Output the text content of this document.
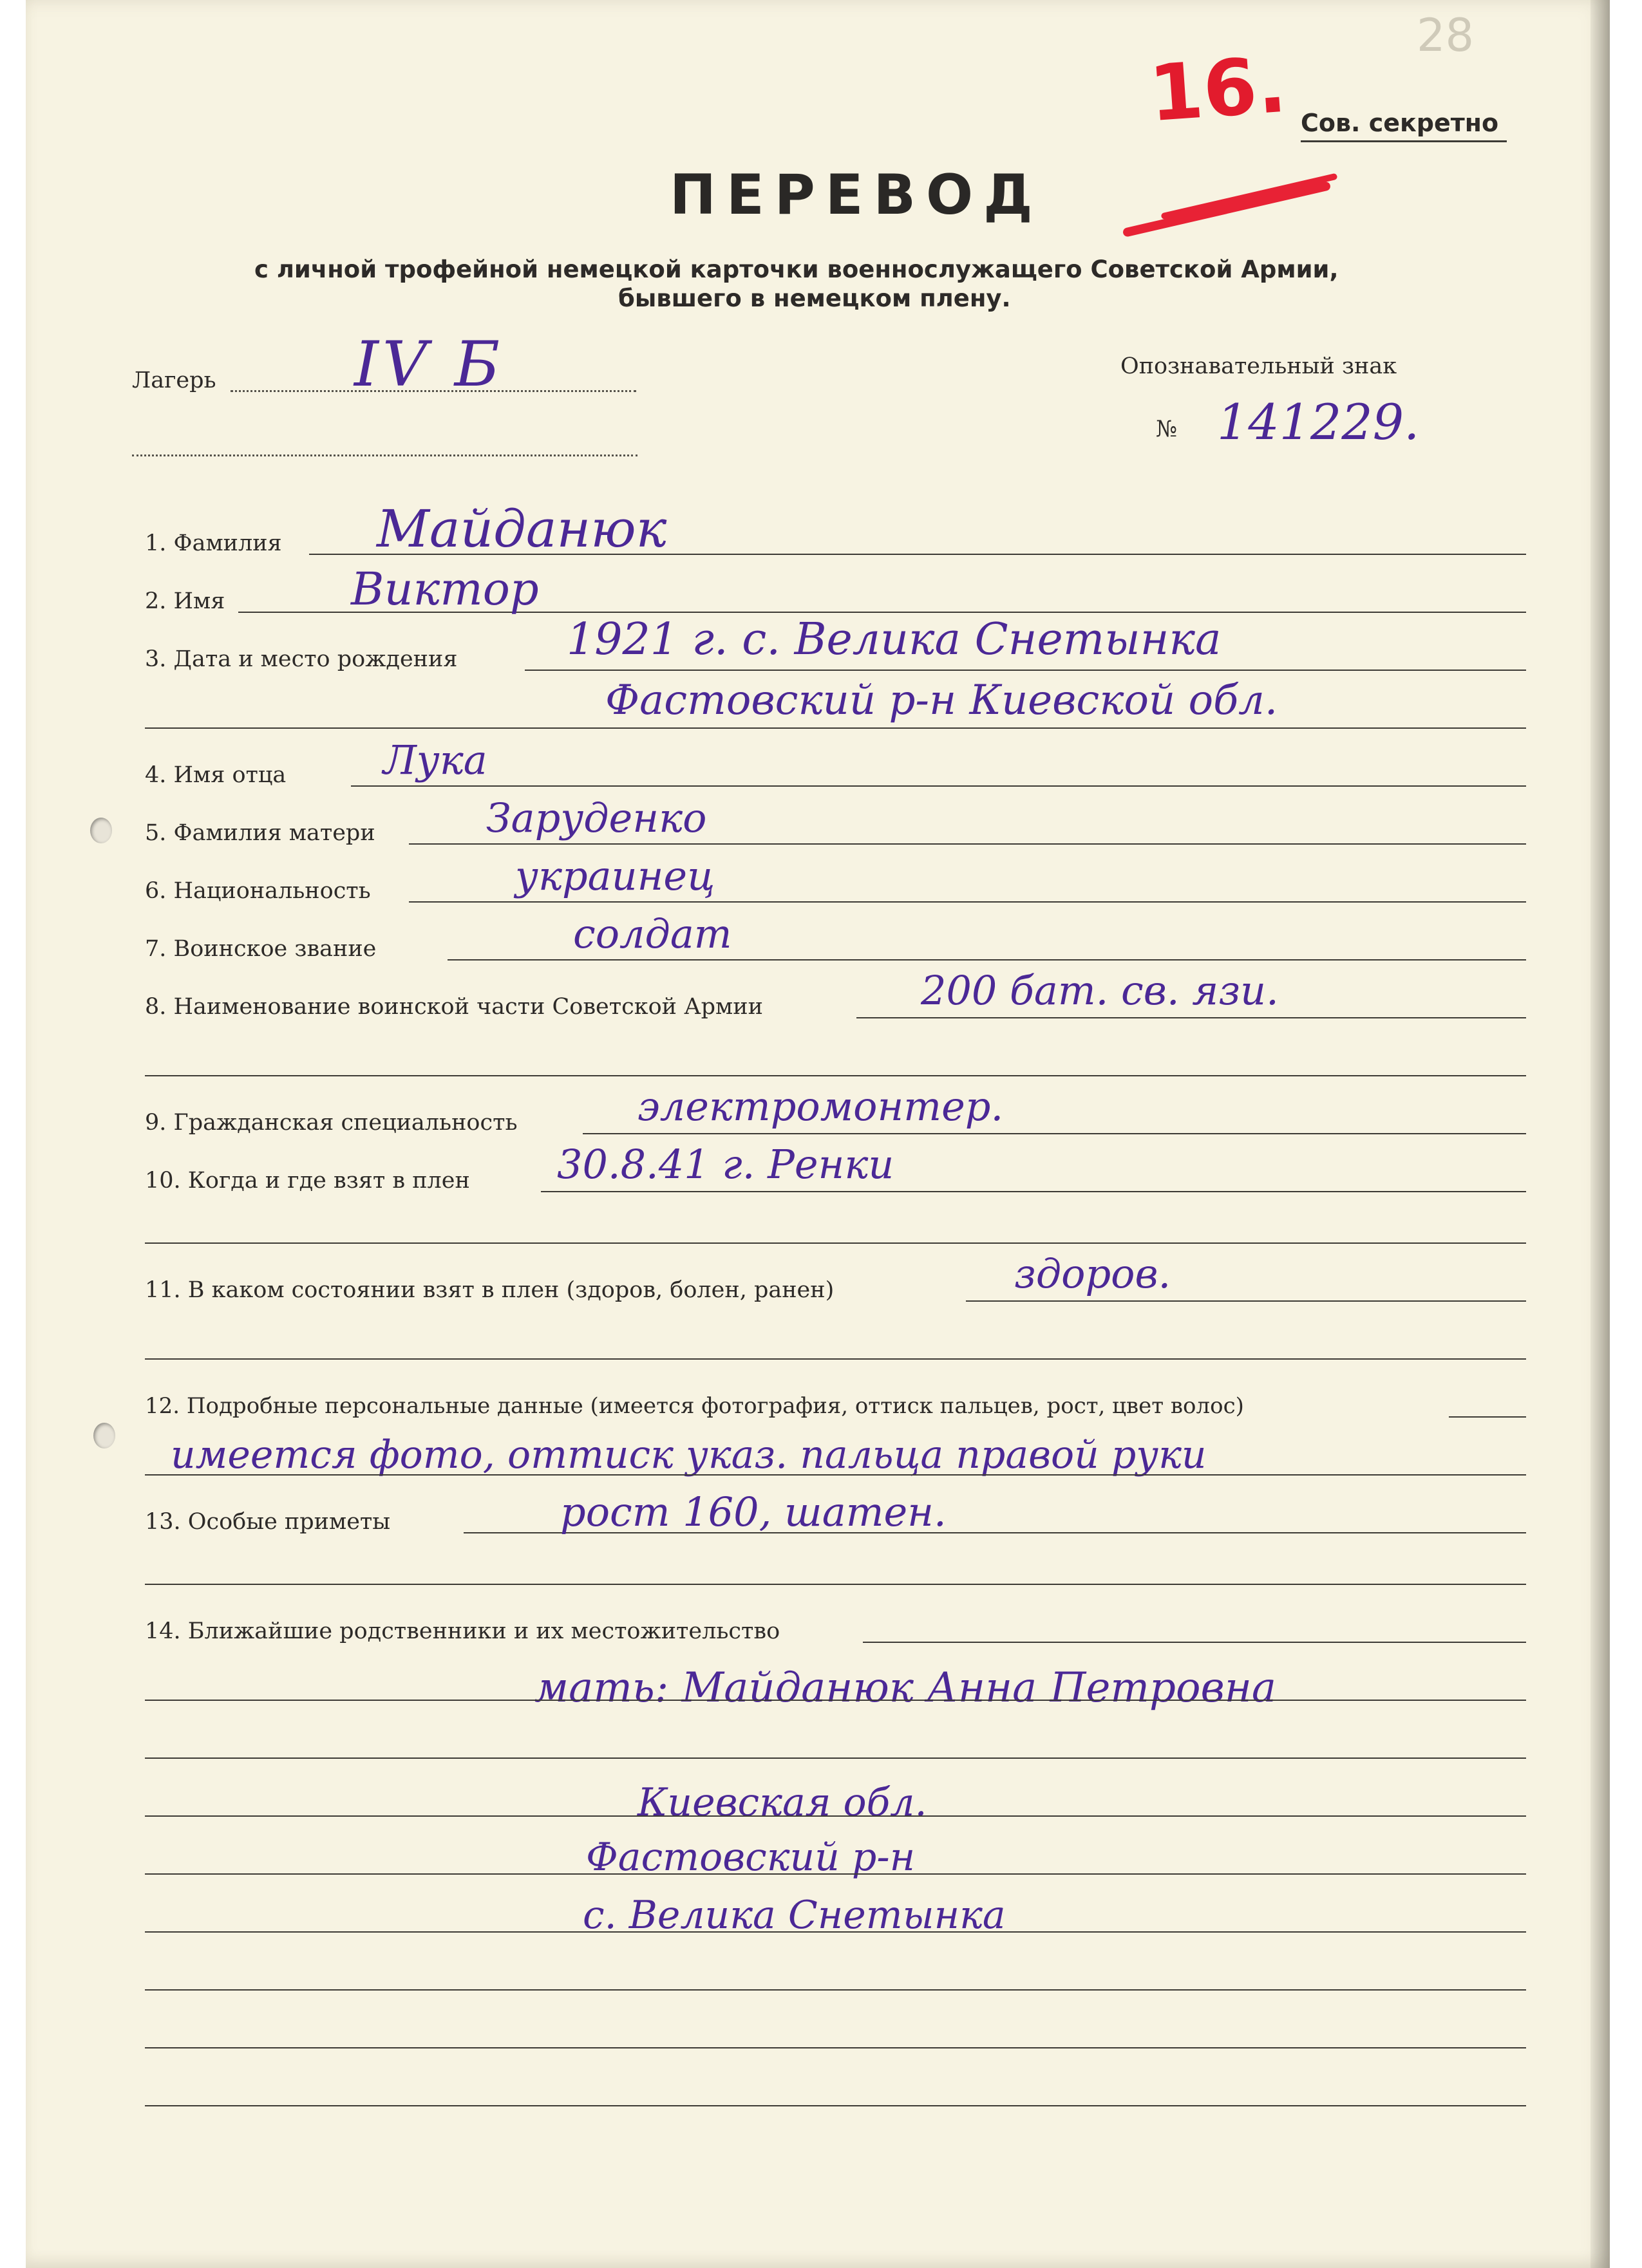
28
16. Сов. секретно
ПЕРЕВОД
с личной трофейной немецкой карточки военнослужащего Советской Армии,
бывшего в немецком плену.
Лагерь IV Б	Опознавательный знак
№ 141229.
1. Фамилия Майданюк
2. Имя	Виктор
3. Дата и место рождения 1921 г. с. Велика Снетынка
Фастовский р-н Киевской обл.
4. Имя отца Лука
5. Фамилия матери	Заруденко
6. Национальность	украинец
7. Воинское звание	солдат
8. Наименование воинской части Советской Армии	200 бат. св. язи.
9. Гражданская специальность	электромонтер.
10. Когда и где взят в плен 30.8.41 г. Ренки
11. В каком состоянии взят в плен (здоров, болен, ранен)	здоров.
12. Подробные персональные данные (имеется фотография, оттиск пальцев, рост, цвет волос)
имеется фото, оттиск указ. пальца правой руки
13. Особые приметы	рост 160, шатен.
14. Ближайшие родственники и их местожительство
мать: Майданюк Анна Петровна
Киевская обл.
Фастовский р-н
с. Велика Снетынка
